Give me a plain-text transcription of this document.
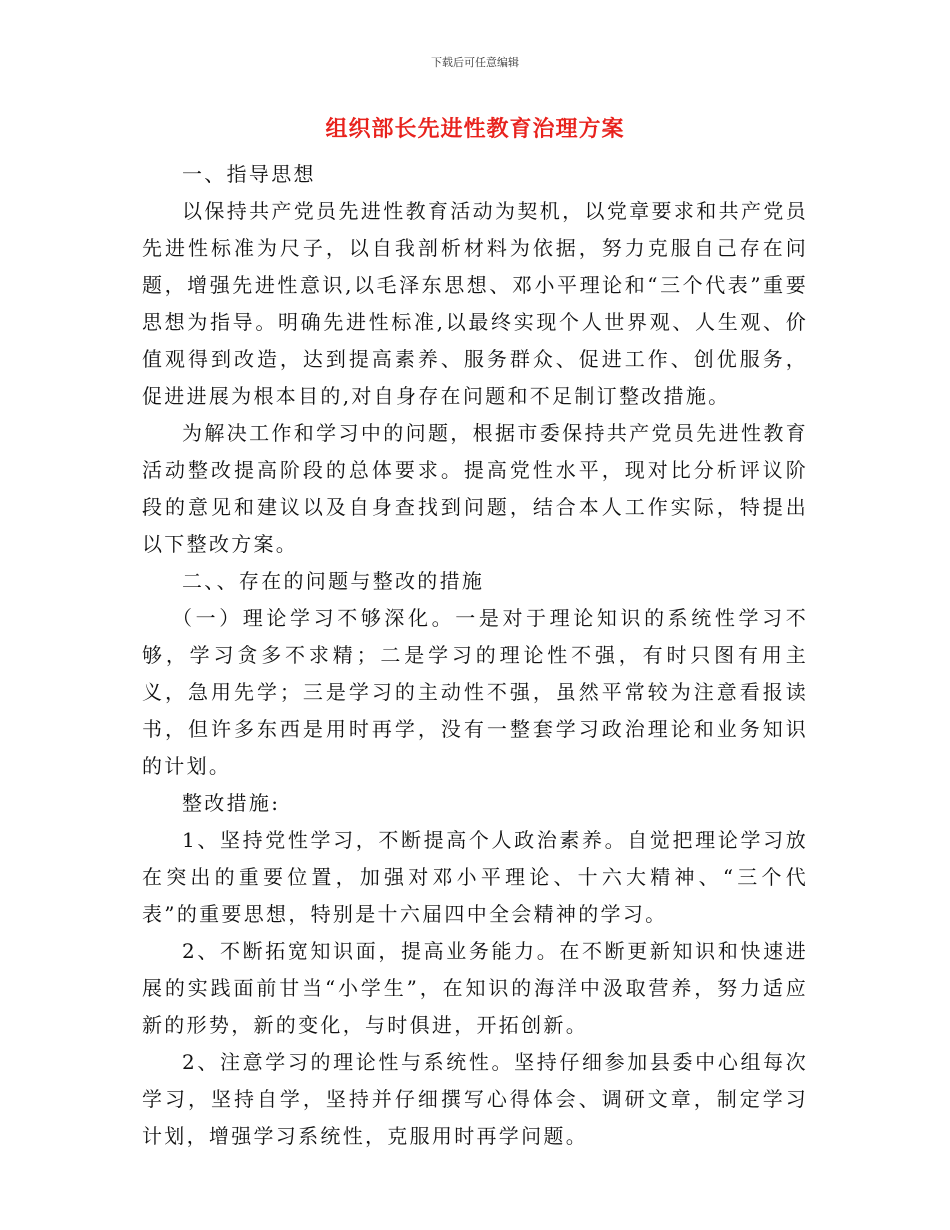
下载后可任意编辑
组织部长先进性教育治理方案

一、指导思想

以保持共产党员先进性教育活动为契机，以党章要求和共产党员先进性标准为尺子，以自我剖析材料为依据，努力克服自己存在问题，增强先进性意识,以毛泽东思想、邓小平理论和“三个代表”重要思想为指导。明确先进性标准,以最终实现个人世界观、人生观、价值观得到改造，达到提高素养、服务群众、促进工作、创优服务，促进进展为根本目的,对自身存在问题和不足制订整改措施。

为解决工作和学习中的问题，根据市委保持共产党员先进性教育活动整改提高阶段的总体要求。提高党性水平，现对比分析评议阶段的意见和建议以及自身查找到问题，结合本人工作实际，特提出以下整改方案。

二、、存在的问题与整改的措施

（一）理论学习不够深化。一是对于理论知识的系统性学习不够，学习贪多不求精；二是学习的理论性不强，有时只图有用主义，急用先学；三是学习的主动性不强，虽然平常较为注意看报读书，但许多东西是用时再学，没有一整套学习政治理论和业务知识的计划。

整改措施:

1、坚持党性学习，不断提高个人政治素养。自觉把理论学习放在突出的重要位置，加强对邓小平理论、十六大精神、“三个代表”的重要思想，特别是十六届四中全会精神的学习。

2、不断拓宽知识面，提高业务能力。在不断更新知识和快速进展的实践面前甘当“小学生”，在知识的海洋中汲取营养，努力适应新的形势，新的变化，与时俱进，开拓创新。

2、注意学习的理论性与系统性。坚持仔细参加县委中心组每次学习，坚持自学，坚持并仔细撰写心得体会、调研文章，制定学习计划，增强学习系统性，克服用时再学问题。
